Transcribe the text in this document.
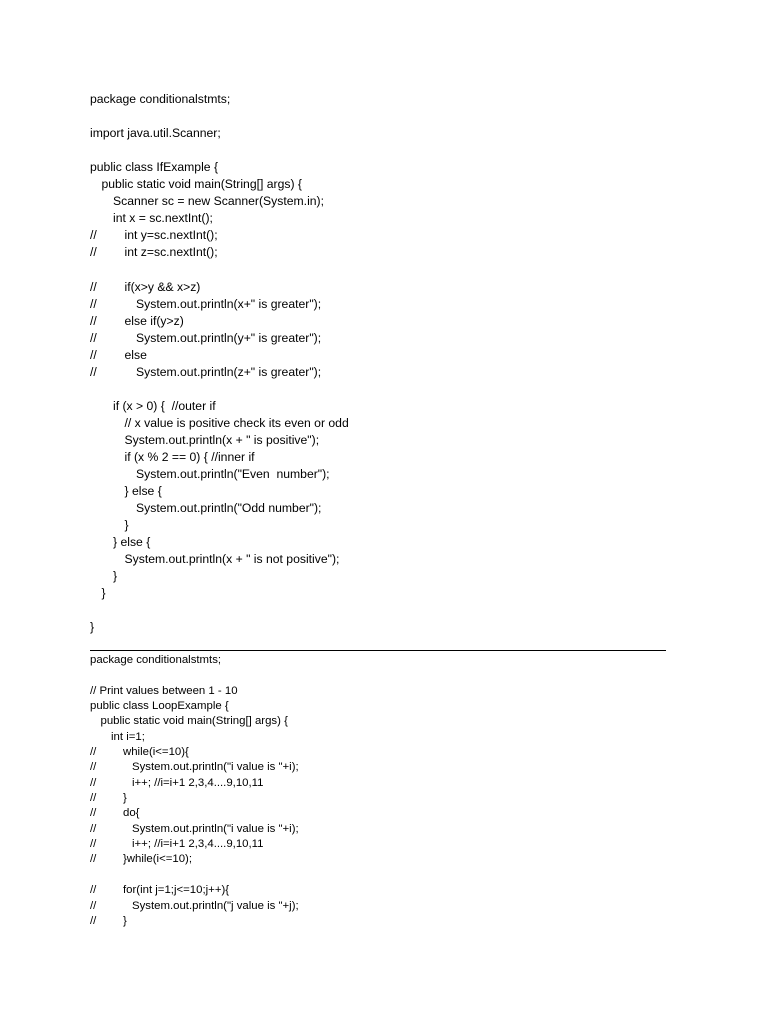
package conditionalstmts;
import java.util.Scanner;
public class IfExample {
public static void main(String[] args) {
Scanner sc = new Scanner(System.in);
int x = sc.nextInt();
//	int y=sc.nextInt();
//	int z=sc.nextInt();
//	if(x>y && x>z)
//	System.out.println(x+" is greater");
//	else if(y>z)
//	System.out.println(y+" is greater");
//	else
//	System.out.println(z+" is greater");
if (x > 0) {  //outer if
// x value is positive check its even or odd
System.out.println(x + " is positive");
if (x % 2 == 0) { //inner if
System.out.println("Even  number");
} else {
System.out.println("Odd number");
}
} else {
System.out.println(x + " is not positive");
}
}
}
package conditionalstmts;
// Print values between 1 - 10
public class LoopExample {
public static void main(String[] args) {
int i=1;
//	while(i<=10){
//	System.out.println("i value is "+i);
//	i++; //i=i+1 2,3,4....9,10,11
//	}
//	do{
//	System.out.println("i value is "+i);
//	i++; //i=i+1 2,3,4....9,10,11
//	}while(i<=10);
//	for(int j=1;j<=10;j++){
//	System.out.println("j value is "+j);
//	}
